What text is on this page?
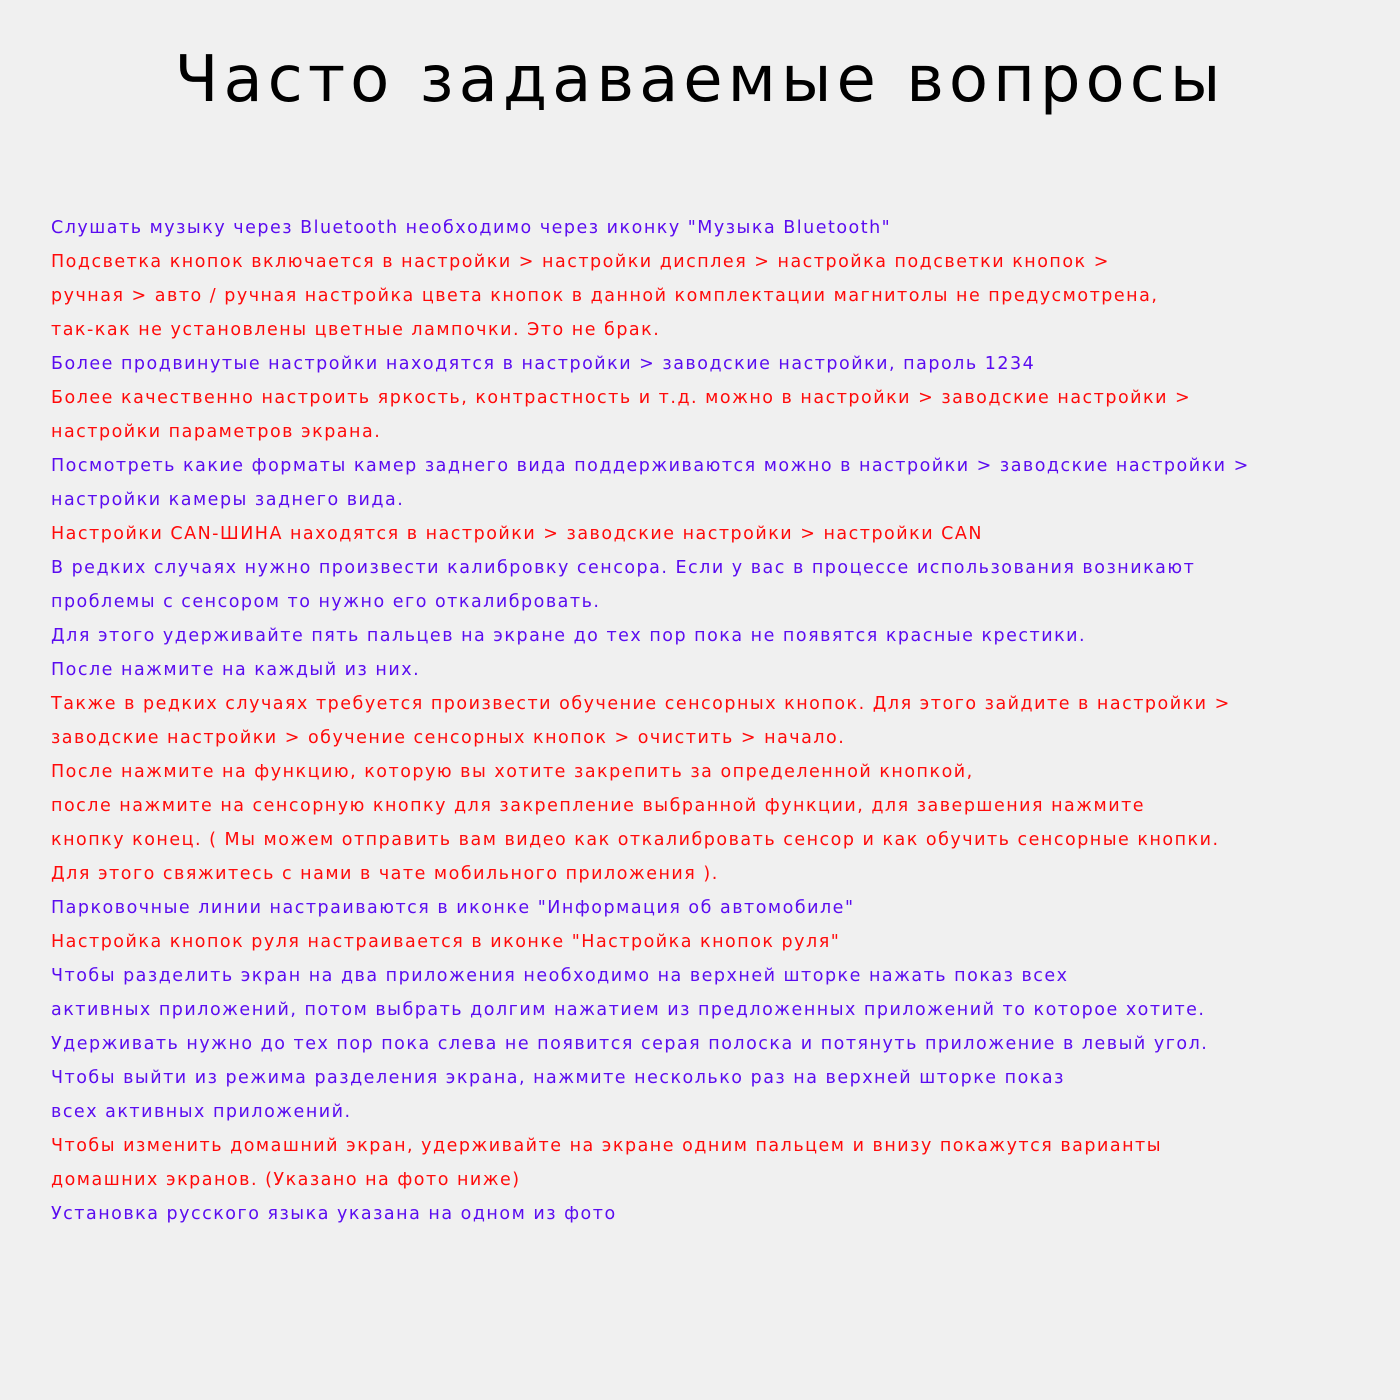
Часто задаваемые вопросы
Слушать музыку через Bluetooth необходимо через иконку "Музыка Bluetooth"
Подсветка кнопок включается в настройки > настройки дисплея > настройка подсветки кнопок >
ручная > авто / ручная настройка цвета кнопок в данной комплектации магнитолы не предусмотрена,
так-как не установлены цветные лампочки. Это не брак.
Более продвинутые настройки находятся в настройки > заводские настройки, пароль 1234
Более качественно настроить яркость, контрастность и т.д. можно в настройки > заводские настройки >
настройки параметров экрана.
Посмотреть какие форматы камер заднего вида поддерживаются можно в настройки > заводские настройки >
настройки камеры заднего вида.
Настройки CAN-ШИНА находятся в настройки > заводские настройки > настройки CAN
В редких случаях нужно произвести калибровку сенсора. Если у вас в процессе использования возникают
проблемы с сенсором то нужно его откалибровать.
Для этого удерживайте пять пальцев на экране до тех пор пока не появятся красные крестики.
После нажмите на каждый из них.
Также в редких случаях требуется произвести обучение сенсорных кнопок. Для этого зайдите в настройки >
заводские настройки > обучение сенсорных кнопок > очистить > начало.
После нажмите на функцию, которую вы хотите закрепить за определенной кнопкой,
после нажмите на сенсорную кнопку для закрепление выбранной функции, для завершения нажмите
кнопку конец. ( Мы можем отправить вам видео как откалибровать сенсор и как обучить сенсорные кнопки.
Для этого свяжитесь с нами в чате мобильного приложения ).
Парковочные линии настраиваются в иконке "Информация об автомобиле"
Настройка кнопок руля настраивается в иконке "Настройка кнопок руля"
Чтобы разделить экран на два приложения необходимо на верхней шторке нажать показ всех
активных приложений, потом выбрать долгим нажатием из предложенных приложений то которое хотите.
Удерживать нужно до тех пор пока слева не появится серая полоска и потянуть приложение в левый угол.
Чтобы выйти из режима разделения экрана, нажмите несколько раз на верхней шторке показ
всех активных приложений.
Чтобы изменить домашний экран, удерживайте на экране одним пальцем и внизу покажутся варианты
домашних экранов. (Указано на фото ниже)
Установка русского языка указана на одном из фото
